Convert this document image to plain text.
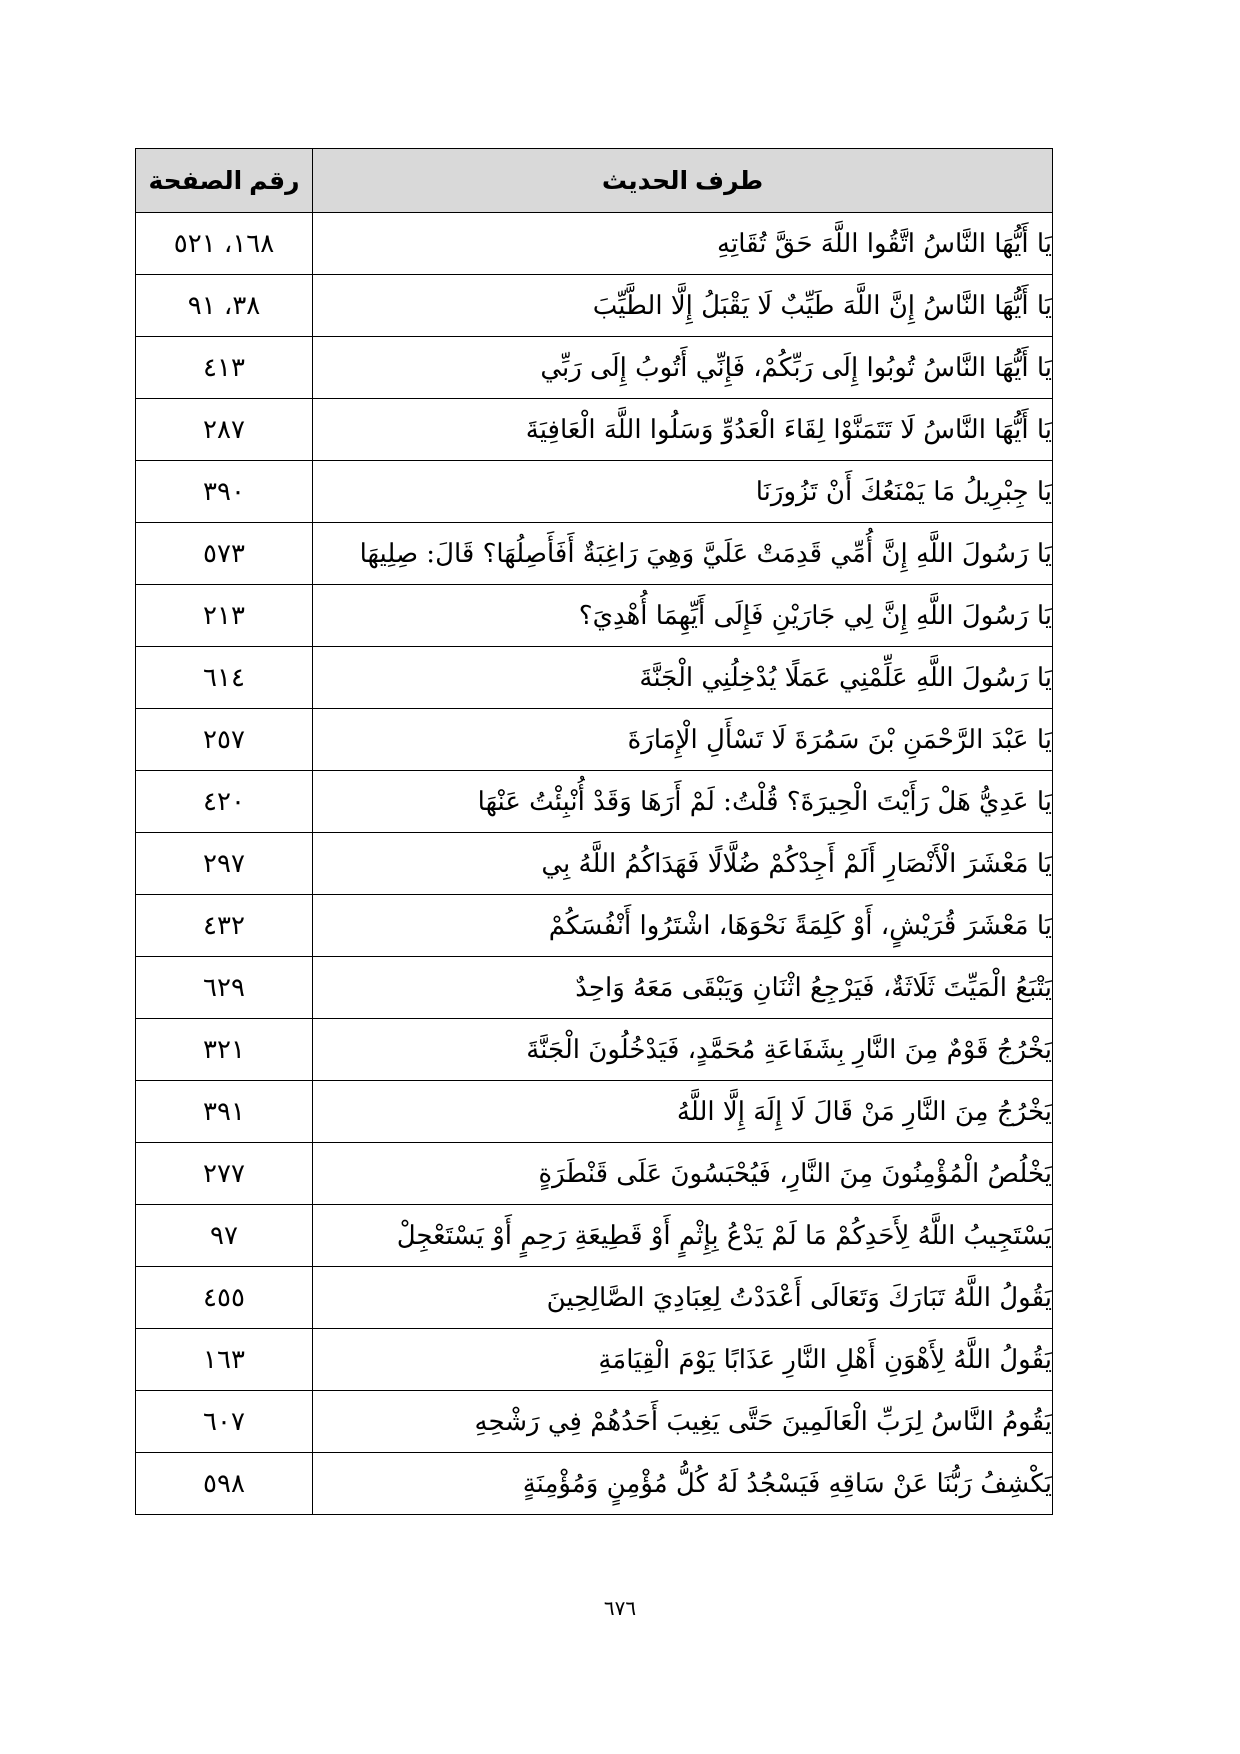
طرف الحديث	رقم الصفحة
يَا أَيُّهَا النَّاسُ اتَّقُوا اللَّهَ حَقَّ تُقَاتِهِ	١٦٨، ٥٢١
يَا أَيُّهَا النَّاسُ إِنَّ اللَّهَ طَيِّبٌ لَا يَقْبَلُ إِلَّا الطَّيِّبَ	٣٨، ٩١
يَا أَيُّهَا النَّاسُ تُوبُوا إِلَى رَبِّكُمْ، فَإِنِّي أَتُوبُ إِلَى رَبِّي	٤١٣
يَا أَيُّهَا النَّاسُ لَا تَتَمَنَّوْا لِقَاءَ الْعَدُوِّ وَسَلُوا اللَّهَ الْعَافِيَةَ	٢٨٧
يَا جِبْرِيلُ مَا يَمْنَعُكَ أَنْ تَزُورَنَا	٣٩٠
يَا رَسُولَ اللَّهِ إِنَّ أُمِّي قَدِمَتْ عَلَيَّ وَهِيَ رَاغِبَةٌ أَفَأَصِلُهَا؟ قَالَ: صِلِيهَا	٥٧٣
يَا رَسُولَ اللَّهِ إِنَّ لِي جَارَيْنِ فَإِلَى أَيِّهِمَا أُهْدِيَ؟	٢١٣
يَا رَسُولَ اللَّهِ عَلِّمْنِي عَمَلًا يُدْخِلُنِي الْجَنَّةَ	٦١٤
يَا عَبْدَ الرَّحْمَنِ بْنَ سَمُرَةَ لَا تَسْأَلِ الْإِمَارَةَ	٢٥٧
يَا عَدِيُّ هَلْ رَأَيْتَ الْحِيرَةَ؟ قُلْتُ: لَمْ أَرَهَا وَقَدْ أُنْبِئْتُ عَنْهَا	٤٢٠
يَا مَعْشَرَ الْأَنْصَارِ أَلَمْ أَجِدْكُمْ ضُلَّالًا فَهَدَاكُمُ اللَّهُ بِي	٢٩٧
يَا مَعْشَرَ قُرَيْشٍ، أَوْ كَلِمَةً نَحْوَهَا، اشْتَرُوا أَنْفُسَكُمْ	٤٣٢
يَتْبَعُ الْمَيِّتَ ثَلَاثَةٌ، فَيَرْجِعُ اثْنَانِ وَيَبْقَى مَعَهُ وَاحِدٌ	٦٢٩
يَخْرُجُ قَوْمٌ مِنَ النَّارِ بِشَفَاعَةِ مُحَمَّدٍ، فَيَدْخُلُونَ الْجَنَّةَ	٣٢١
يَخْرُجُ مِنَ النَّارِ مَنْ قَالَ لَا إِلَهَ إِلَّا اللَّهُ	٣٩١
يَخْلُصُ الْمُؤْمِنُونَ مِنَ النَّارِ، فَيُحْبَسُونَ عَلَى قَنْطَرَةٍ	٢٧٧
يَسْتَجِيبُ اللَّهُ لِأَحَدِكُمْ مَا لَمْ يَدْعُ بِإِثْمٍ أَوْ قَطِيعَةِ رَحِمٍ أَوْ يَسْتَعْجِلْ	٩٧
يَقُولُ اللَّهُ تَبَارَكَ وَتَعَالَى أَعْدَدْتُ لِعِبَادِيَ الصَّالِحِينَ	٤٥٥
يَقُولُ اللَّهُ لِأَهْوَنِ أَهْلِ النَّارِ عَذَابًا يَوْمَ الْقِيَامَةِ	١٦٣
يَقُومُ النَّاسُ لِرَبِّ الْعَالَمِينَ حَتَّى يَغِيبَ أَحَدُهُمْ فِي رَشْحِهِ	٦٠٧
يَكْشِفُ رَبُّنَا عَنْ سَاقِهِ فَيَسْجُدُ لَهُ كُلُّ مُؤْمِنٍ وَمُؤْمِنَةٍ	٥٩٨
٦٧٦
